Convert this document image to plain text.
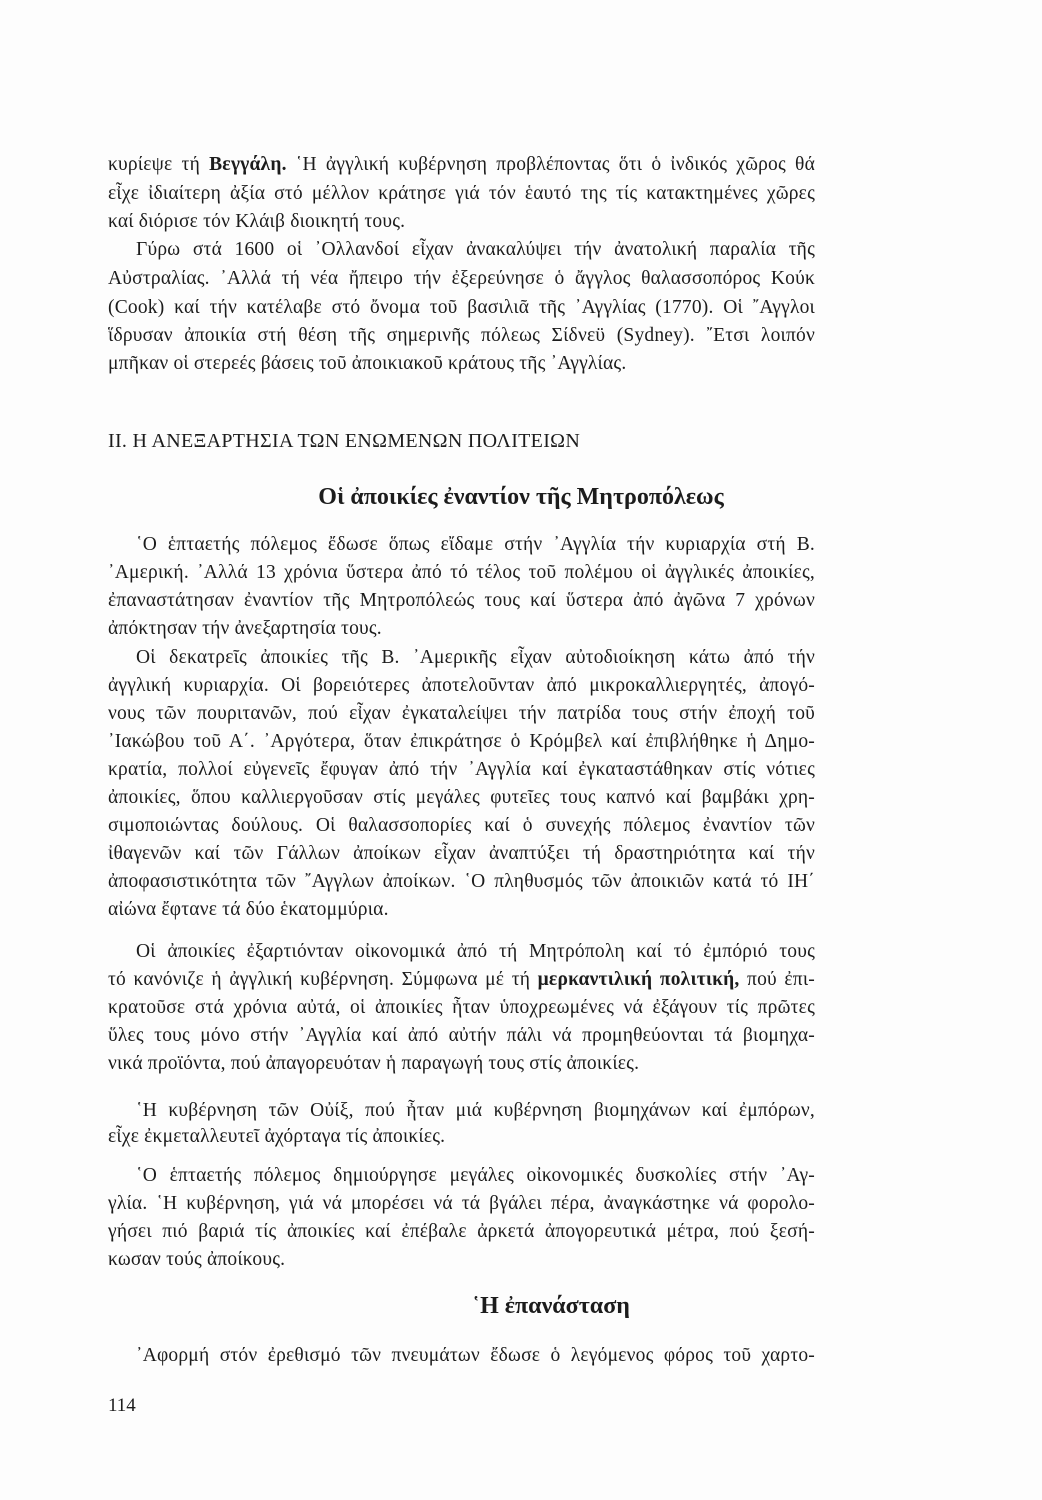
κυρίεψε τή Βεγγάλη. ῾Η ἀγγλική κυβέρνηση προβλέποντας ὅτι ὁ ἰνδικός χῶρος θά
εἶχε ἰδιαίτερη ἀξία στό μέλλον κράτησε γιά τόν ἑαυτό της τίς κατακτημένες χῶρες
καί διόρισε τόν Κλάιβ διοικητή τους.
Γύρω στά 1600 οἱ ᾿Ολλανδοί εἶχαν ἀνακαλύψει τήν ἀνατολική παραλία τῆς
Αὐστραλίας. ᾿Αλλά τή νέα ἤπειρο τήν ἐξερεύνησε ὁ ἄγγλος θαλασσοπόρος Κούκ
(Cook) καί τήν κατέλαβε στό ὄνομα τοῦ βασιλιᾶ τῆς ᾿Αγγλίας (1770). Οἱ ῎Αγγλοι
ἵδρυσαν ἀποικία στή θέση τῆς σημερινῆς πόλεως Σίδνεϋ (Sydney). ῎Ετσι λοιπόν
μπῆκαν οἱ στερεές βάσεις τοῦ ἀποικιακοῦ κράτους τῆς ᾿Αγγλίας.
II. Η ΑΝΕΞΑΡΤΗΣΙΑ ΤΩΝ ΕΝΩΜΕΝΩΝ ΠΟΛΙΤΕΙΩΝ
Οἱ ἀποικίες ἐναντίον τῆς Μητροπόλεως
῾Ο ἑπταετής πόλεμος ἔδωσε ὅπως εἴδαμε στήν ᾿Αγγλία τήν κυριαρχία στή Β.
᾿Αμερική. ᾿Αλλά 13 χρόνια ὕστερα ἀπό τό τέλος τοῦ πολέμου οἱ ἀγγλικές ἀποικίες,
ἐπαναστάτησαν ἐναντίον τῆς Μητροπόλεώς τους καί ὕστερα ἀπό ἀγῶνα 7 χρόνων
ἀπόκτησαν τήν ἀνεξαρτησία τους.
Οἱ δεκατρεῖς ἀποικίες τῆς Β. ᾿Αμερικῆς εἶχαν αὐτοδιοίκηση κάτω ἀπό τήν
ἀγγλική κυριαρχία. Οἱ βορειότερες ἀποτελοῦνταν ἀπό μικροκαλλιεργητές, ἀπογό-
νους τῶν πουριτανῶν, πού εἶχαν ἐγκαταλείψει τήν πατρίδα τους στήν ἐποχή τοῦ
᾿Ιακώβου τοῦ Α΄. ᾿Αργότερα, ὅταν ἐπικράτησε ὁ Κρόμβελ καί ἐπιβλήθηκε ἡ Δημο-
κρατία, πολλοί εὐγενεῖς ἔφυγαν ἀπό τήν ᾿Αγγλία καί ἐγκαταστάθηκαν στίς νότιες
ἀποικίες, ὅπου καλλιεργοῦσαν στίς μεγάλες φυτεῖες τους καπνό καί βαμβάκι χρη-
σιμοποιώντας δούλους. Οἱ θαλασσοπορίες καί ὁ συνεχής πόλεμος ἐναντίον τῶν
ἰθαγενῶν καί τῶν Γάλλων ἀποίκων εἶχαν ἀναπτύξει τή δραστηριότητα καί τήν
ἀποφασιστικότητα τῶν ῎Αγγλων ἀποίκων. ῾Ο πληθυσμός τῶν ἀποικιῶν κατά τό ΙΗ΄
αἰώνα ἔφτανε τά δύο ἑκατομμύρια.
Οἱ ἀποικίες ἐξαρτιόνταν οἰκονομικά ἀπό τή Μητρόπολη καί τό ἐμπόριό τους
τό κανόνιζε ἡ ἀγγλική κυβέρνηση. Σύμφωνα μέ τή μερκαντιλική πολιτική, πού ἐπι-
κρατοῦσε στά χρόνια αὐτά, οἱ ἀποικίες ἦταν ὑποχρεωμένες νά ἐξάγουν τίς πρῶτες
ὕλες τους μόνο στήν ᾿Αγγλία καί ἀπό αὐτήν πάλι νά προμηθεύονται τά βιομηχα-
νικά προϊόντα, πού ἀπαγορευόταν ἡ παραγωγή τους στίς ἀποικίες.
῾Η κυβέρνηση τῶν Οὐίξ, πού ἦταν μιά κυβέρνηση βιομηχάνων καί ἐμπόρων,
εἶχε ἐκμεταλλευτεῖ ἀχόρταγα τίς ἀποικίες.
῾Ο ἑπταετής πόλεμος δημιούργησε μεγάλες οἰκονομικές δυσκολίες στήν ᾿Αγ-
γλία. ῾Η κυβέρνηση, γιά νά μπορέσει νά τά βγάλει πέρα, ἀναγκάστηκε νά φορολο-
γήσει πιό βαριά τίς ἀποικίες καί ἐπέβαλε ἀρκετά ἀπογορευτικά μέτρα, πού ξεσή-
κωσαν τούς ἀποίκους.
῾Η ἐπανάσταση
᾿Αφορμή στόν ἐρεθισμό τῶν πνευμάτων ἔδωσε ὁ λεγόμενος φόρος τοῦ χαρτο-
114
